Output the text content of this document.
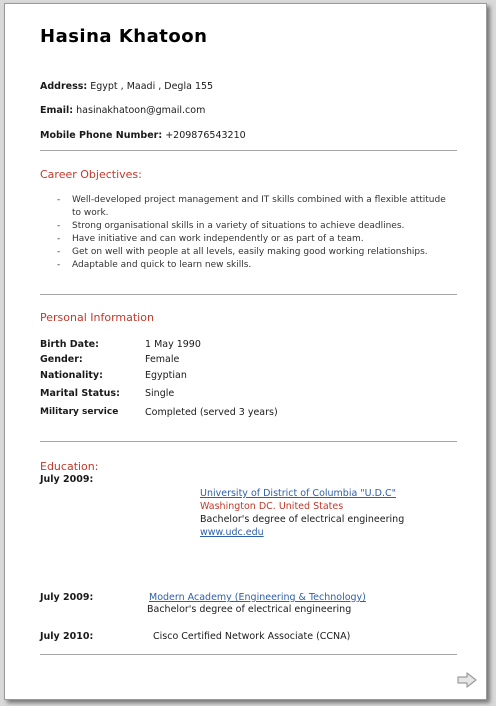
Hasina Khatoon
Address: Egypt , Maadi , Degla 155
Email: hasinakhatoon@gmail.com
Mobile Phone Number: +20987654321​0
Career Objectives:
- Well-developed project management and IT skills combined with a flexible attitude to work.
- Strong organisational skills in a variety of situations to achieve deadlines.
- Have initiative and can work independently or as part of a team.
- Get on well with people at all levels, easily making good working relationships.
- Adaptable and quick to learn new skills.
Personal Information
Birth Date:	1 May 1990
Gender:	Female
Nationality:	Egyptian
Marital Status:	Single
Military service	Completed (served 3 years)
Education:
July 2009:
University of District of Columbia "U.D.C"
Washington DC. United States
Bachelor's degree of electrical engineering
www.udc.edu
July 2009:	Modern Academy (Engineering & Technology)
Bachelor's degree of electrical engineering
July 2010:	Cisco Certified Network Associate (CCNA)
